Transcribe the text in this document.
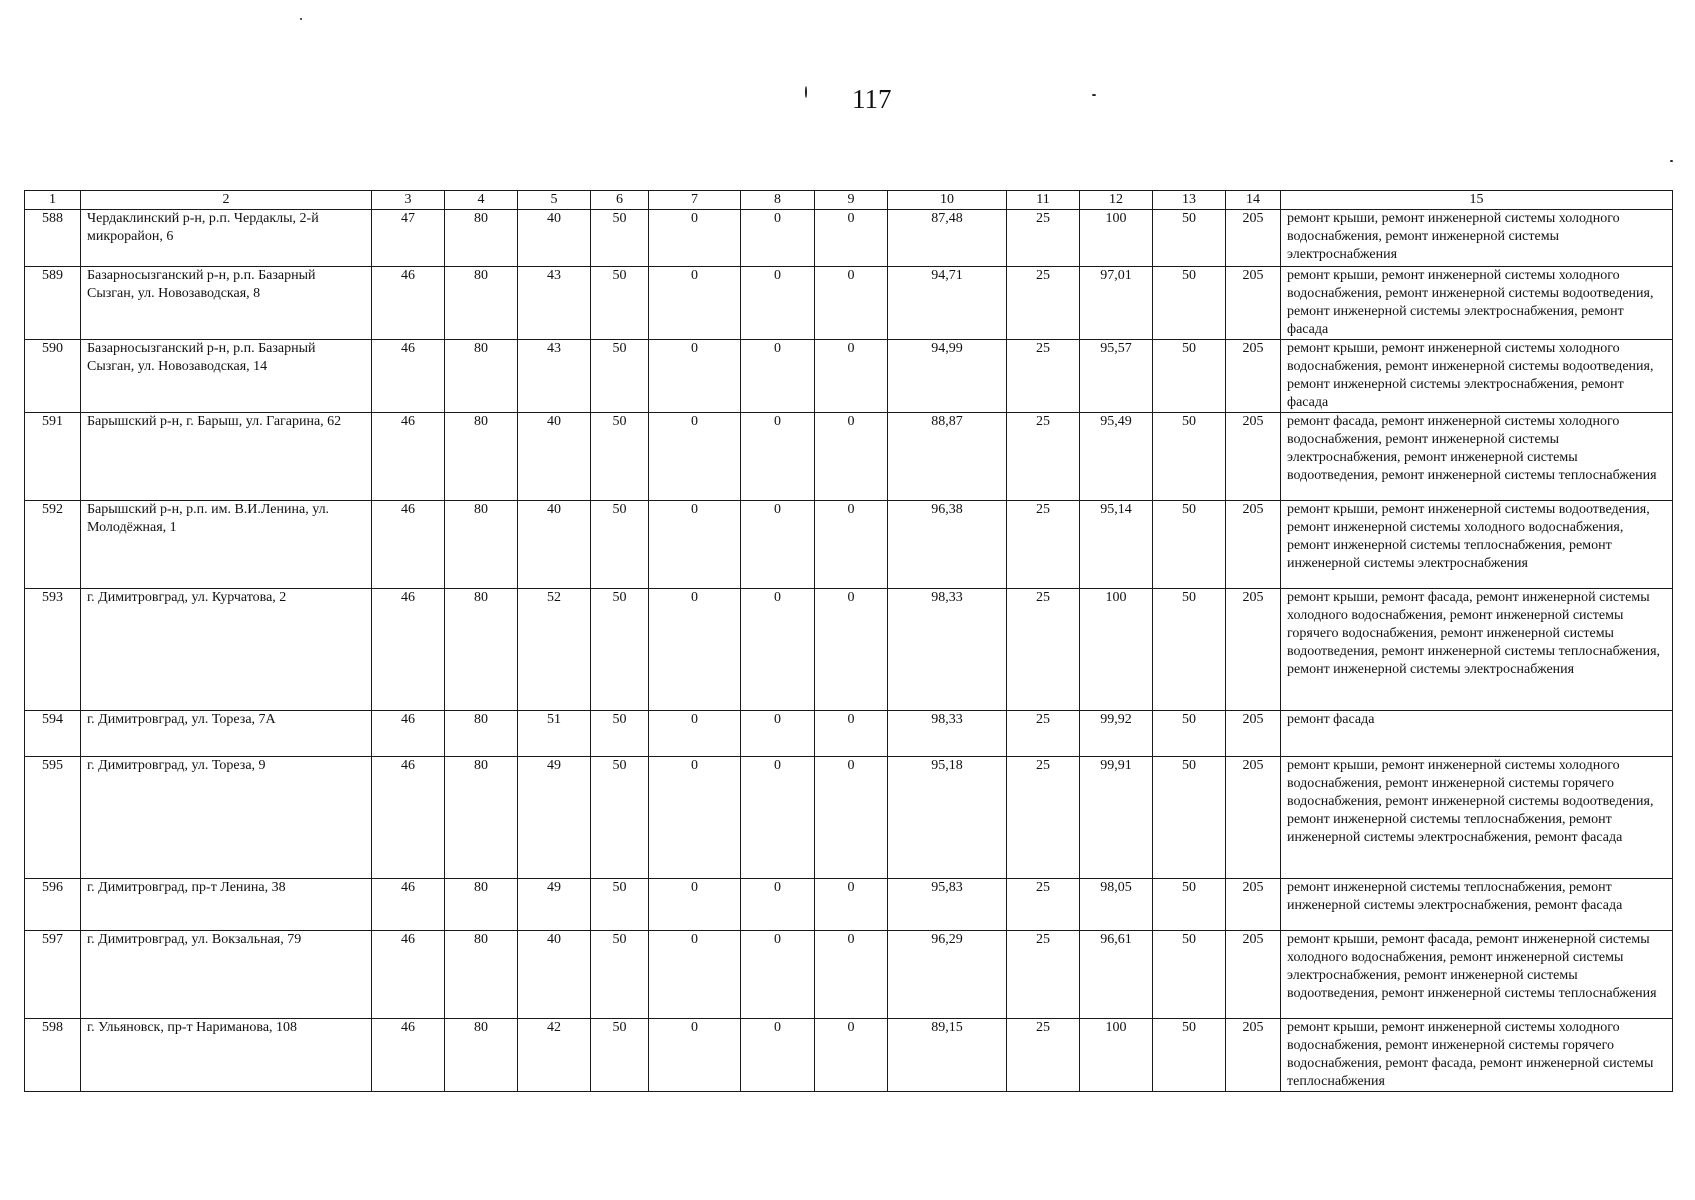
117
1	2	3	4	5	6	7	8	9	10	11	12	13	14	15
588	Чердаклинский р-н, р.п. Чердаклы, 2-й микрорайон, 6	47	80	40	50	0	0	0	87,48	25	100	50	205	ремонт крыши, ремонт инженерной системы холодного водоснабжения, ремонт инженерной системы электроснабжения
589	Базарносызганский р-н, р.п. Базарный Сызган, ул. Новозаводская, 8	46	80	43	50	0	0	0	94,71	25	97,01	50	205	ремонт крыши, ремонт инженерной системы холодного водоснабжения, ремонт инженерной системы водоотведения, ремонт инженерной системы электроснабжения, ремонт фасада
590	Базарносызганский р-н, р.п. Базарный Сызган, ул. Новозаводская, 14	46	80	43	50	0	0	0	94,99	25	95,57	50	205	ремонт крыши, ремонт инженерной системы холодного водоснабжения, ремонт инженерной системы водоотведения, ремонт инженерной системы электроснабжения, ремонт фасада
591	Барышский р-н, г. Барыш, ул. Гагарина, 62	46	80	40	50	0	0	0	88,87	25	95,49	50	205	ремонт фасада, ремонт инженерной системы холодного водоснабжения, ремонт инженерной системы электроснабжения, ремонт инженерной системы водоотведения, ремонт инженерной системы теплоснабжения
592	Барышский р-н, р.п. им. В.И.Ленина, ул. Молодёжная, 1	46	80	40	50	0	0	0	96,38	25	95,14	50	205	ремонт крыши, ремонт инженерной системы водоотведения, ремонт инженерной системы холодного водоснабжения, ремонт инженерной системы теплоснабжения, ремонт инженерной системы электроснабжения
593	г. Димитровград, ул. Курчатова, 2	46	80	52	50	0	0	0	98,33	25	100	50	205	ремонт крыши, ремонт фасада, ремонт инженерной системы холодного водоснабжения, ремонт инженерной системы горячего водоснабжения, ремонт инженерной системы водоотведения, ремонт инженерной системы теплоснабжения, ремонт инженерной системы электроснабжения
594	г. Димитровград, ул. Тореза, 7А	46	80	51	50	0	0	0	98,33	25	99,92	50	205	ремонт фасада
595	г. Димитровград, ул. Тореза, 9	46	80	49	50	0	0	0	95,18	25	99,91	50	205	ремонт крыши, ремонт инженерной системы холодного водоснабжения, ремонт инженерной системы горячего водоснабжения, ремонт инженерной системы водоотведения, ремонт инженерной системы теплоснабжения, ремонт инженерной системы электроснабжения, ремонт фасада
596	г. Димитровград, пр-т Ленина, 38	46	80	49	50	0	0	0	95,83	25	98,05	50	205	ремонт инженерной системы теплоснабжения, ремонт инженерной системы электроснабжения, ремонт фасада
597	г. Димитровград, ул. Вокзальная, 79	46	80	40	50	0	0	0	96,29	25	96,61	50	205	ремонт крыши, ремонт фасада, ремонт инженерной системы холодного водоснабжения, ремонт инженерной системы электроснабжения, ремонт инженерной системы водоотведения, ремонт инженерной системы теплоснабжения
598	г. Ульяновск, пр-т Нариманова, 108	46	80	42	50	0	0	0	89,15	25	100	50	205	ремонт крыши, ремонт инженерной системы холодного водоснабжения, ремонт инженерной системы горячего водоснабжения, ремонт фасада, ремонт инженерной системы теплоснабжения
